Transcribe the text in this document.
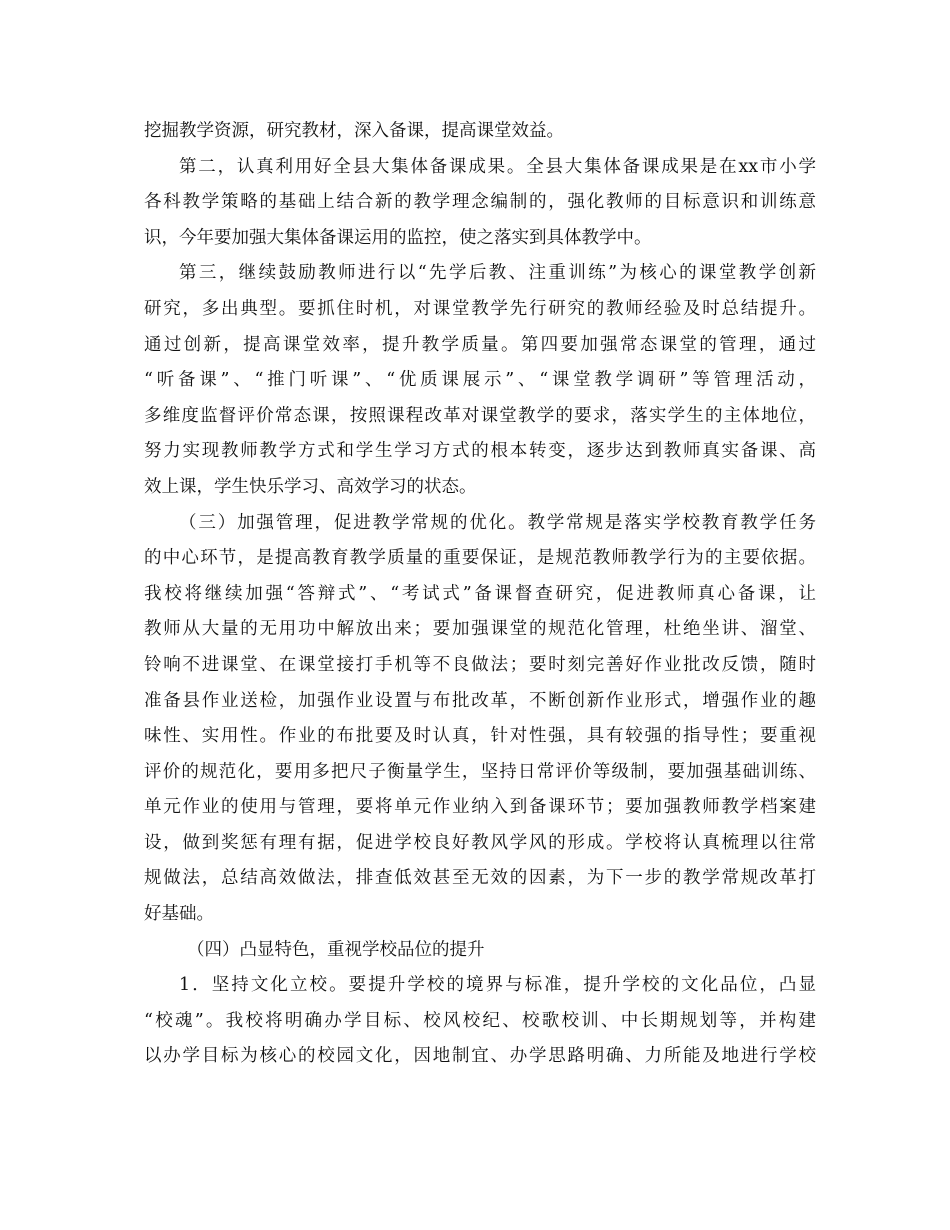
挖掘教学资源，研究教材，深入备课，提高课堂效益。
第二，认真利用好全县大集体备课成果。全县大集体备课成果是在xx市小学
各科教学策略的基础上结合新的教学理念编制的，强化教师的目标意识和训练意
识，今年要加强大集体备课运用的监控，使之落实到具体教学中。
第三，继续鼓励教师进行以“先学后教、注重训练”为核心的课堂教学创新
研究，多出典型。要抓住时机，对课堂教学先行研究的教师经验及时总结提升。
通过创新，提高课堂效率，提升教学质量。第四要加强常态课堂的管理，通过
“听备课”、“推门听课”、“优质课展示”、“课堂教学调研”等管理活动，
多维度监督评价常态课，按照课程改革对课堂教学的要求，落实学生的主体地位，
努力实现教师教学方式和学生学习方式的根本转变，逐步达到教师真实备课、高
效上课，学生快乐学习、高效学习的状态。
（三）加强管理，促进教学常规的优化。教学常规是落实学校教育教学任务
的中心环节，是提高教育教学质量的重要保证，是规范教师教学行为的主要依据。
我校将继续加强“答辩式”、“考试式”备课督查研究，促进教师真心备课，让
教师从大量的无用功中解放出来；要加强课堂的规范化管理，杜绝坐讲、溜堂、
铃响不进课堂、在课堂接打手机等不良做法；要时刻完善好作业批改反馈，随时
准备县作业送检，加强作业设置与布批改革，不断创新作业形式，增强作业的趣
味性、实用性。作业的布批要及时认真，针对性强，具有较强的指导性；要重视
评价的规范化，要用多把尺子衡量学生，坚持日常评价等级制，要加强基础训练、
单元作业的使用与管理，要将单元作业纳入到备课环节；要加强教师教学档案建
设，做到奖惩有理有据，促进学校良好教风学风的形成。学校将认真梳理以往常
规做法，总结高效做法，排查低效甚至无效的因素，为下一步的教学常规改革打
好基础。
（四）凸显特色，重视学校品位的提升
1．坚持文化立校。要提升学校的境界与标准，提升学校的文化品位，凸显
“校魂”。我校将明确办学目标、校风校纪、校歌校训、中长期规划等，并构建
以办学目标为核心的校园文化，因地制宜、办学思路明确、力所能及地进行学校
